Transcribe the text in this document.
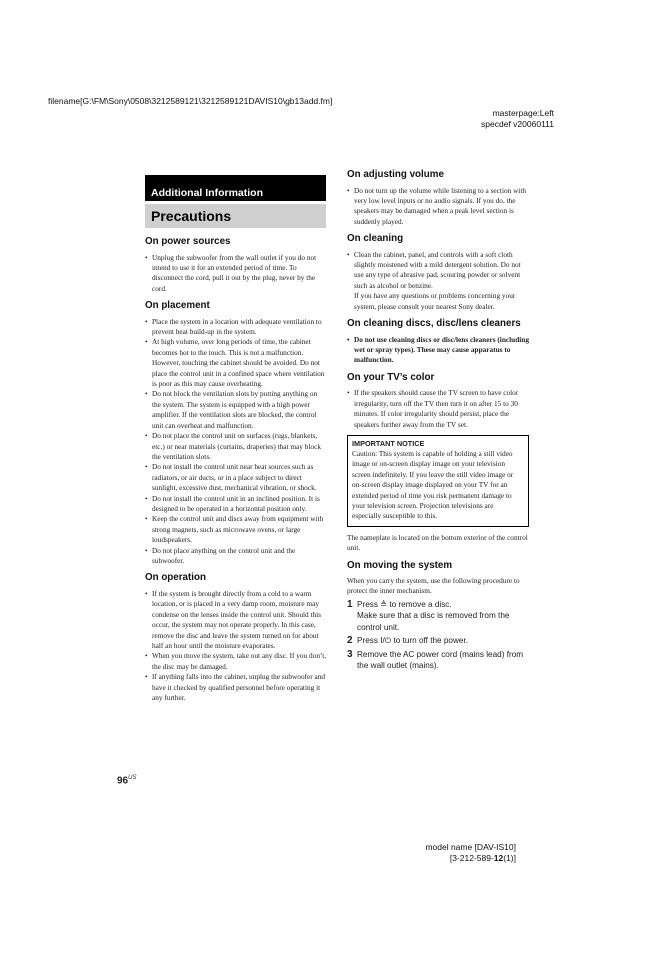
filename[G:\FM\Sony\0508\3212589121\3212589121DAVIS10\gb13add.fm]
masterpage:Left
specdef v20060111
Additional Information
Precautions
On power sources
• Unplug the subwoofer from the wall outlet if you do not intend to use it for an extended period of time. To disconnect the cord, pull it out by the plug, never by the cord.
On placement
• Place the system in a location with adequate ventilation to prevent heat build-up in the system.
• At high volume, over long periods of time, the cabinet becomes hot to the touch. This is not a malfunction. However, touching the cabinet should be avoided. Do not place the control unit in a confined space where ventilation is poor as this may cause overheating.
• Do not block the ventilation slots by putting anything on the system. The system is equipped with a high power amplifier. If the ventilation slots are blocked, the control unit can overheat and malfunction.
• Do not place the control unit on surfaces (rugs, blankets, etc.) or near materials (curtains, draperies) that may block the ventilation slots.
• Do not install the control unit near heat sources such as radiators, or air ducts, or in a place subject to direct sunlight, excessive dust, mechanical vibration, or shock.
• Do not install the control unit in an inclined position. It is designed to be operated in a horizontal position only.
• Keep the control unit and discs away from equipment with strong magnets, such as microwave ovens, or large loudspeakers.
• Do not place anything on the control unit and the subwoofer.
On operation
• If the system is brought directly from a cold to a warm location, or is placed in a very damp room, moisture may condense on the lenses inside the control unit. Should this occur, the system may not operate properly. In this case, remove the disc and leave the system turned on for about half an hour until the moisture evaporates.
• When you move the system, take out any disc. If you don’t, the disc may be damaged.
• If anything falls into the cabinet, unplug the subwoofer and have it checked by qualified personnel before operating it any further.
On adjusting volume
• Do not turn up the volume while listening to a section with very low level inputs or no audio signals. If you do, the speakers may be damaged when a peak level section is suddenly played.
On cleaning
• Clean the cabinet, panel, and controls with a soft cloth slightly moistened with a mild detergent solution. Do not use any type of abrasive pad, scouring powder or solvent such as alcohol or benzine.

If you have any questions or problems concerning your system, please consult your nearest Sony dealer.

On cleaning discs, disc/lens cleaners
• Do not use cleaning discs or disc/lens cleaners (including wet or spray types). These may cause apparatus to malfunction.
On your TV’s color
• If the speakers should cause the TV screen to have color irregularity, turn off the TV then turn it on after 15 to 30 minutes. If color irregularity should persist, place the speakers further away from the TV set.
IMPORTANT NOTICE
Caution: This system is capable of holding a still video image or on-screen display image on your television screen indefinitely. If you leave the still video image or on-screen display image displayed on your TV for an extended period of time you risk permanent damage to your television screen. Projection televisions are especially susceptible to this.

The nameplate is located on the bottom exterior of the control unit.

On moving the system

When you carry the system, use the following procedure to protect the inner mechanism.

1 Press ≜ to remove a disc.
Make sure that a disc is removed from the control unit.
2 Press I/⏻ to turn off the power.
3 Remove the AC power cord (mains lead) from the wall outlet (mains).
$96^{US}$
model name [DAV-IS10]
[3-212-589-12(1)]
